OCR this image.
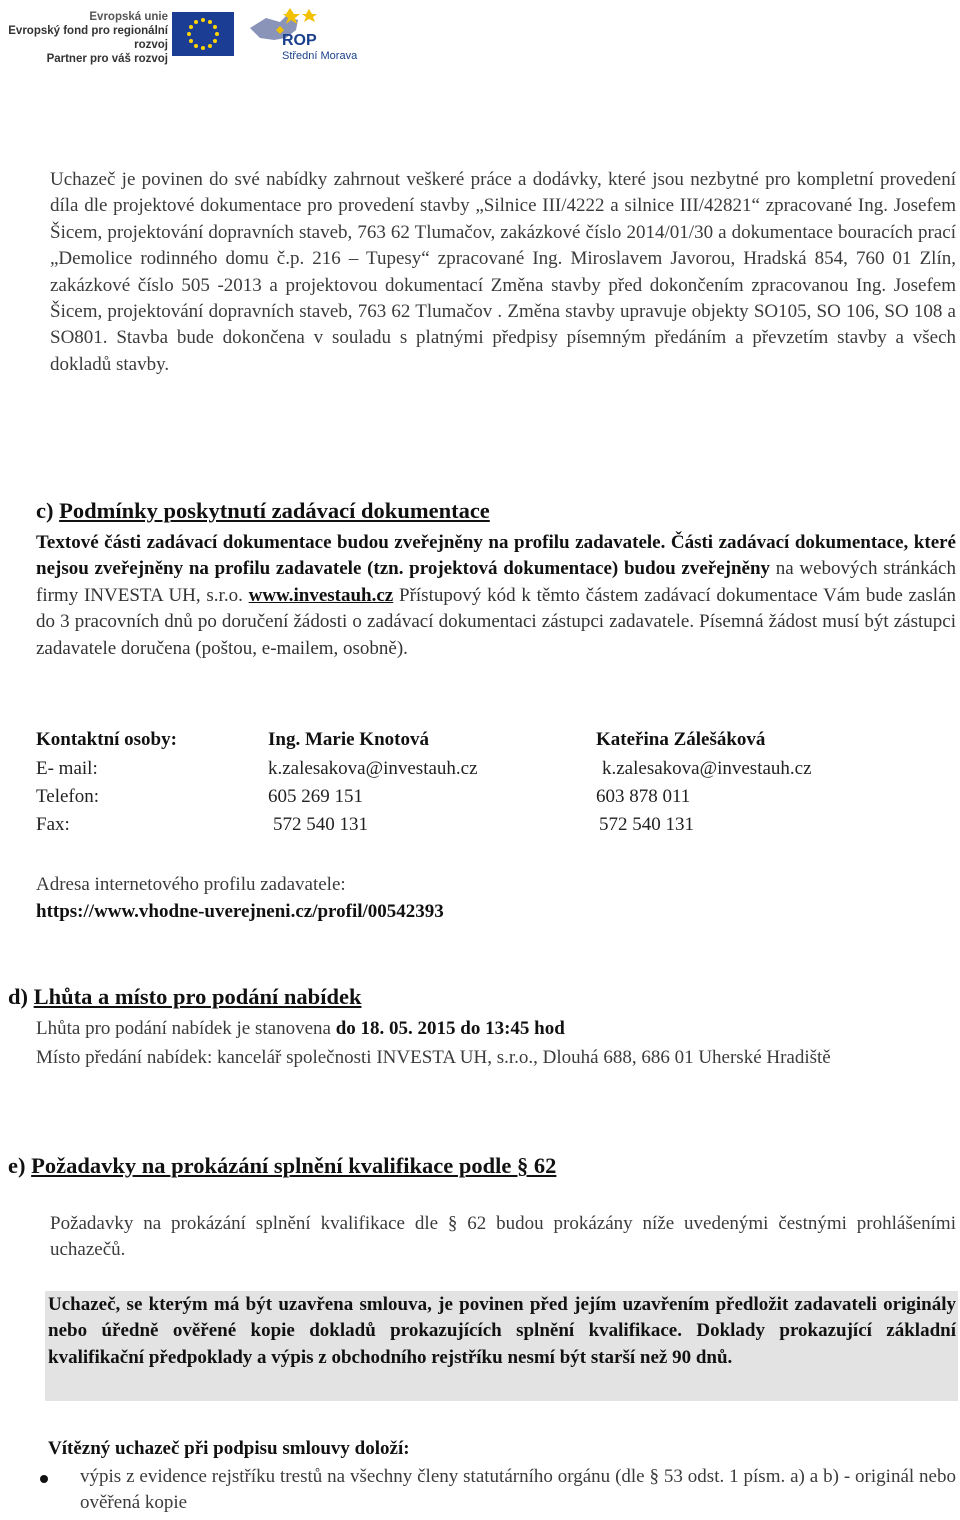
Evropská unie
Evropský fond pro regionální rozvoj
Partner pro váš rozvoj
ROP
Střední Morava
Uchazeč je povinen do své nabídky zahrnout veškeré práce a dodávky, které jsou nezbytné pro kompletní provedení díla dle projektové dokumentace pro provedení stavby „Silnice III/4222 a silnice III/42821“ zpracované Ing. Josefem Šicem, projektování dopravních staveb, 763 62 Tlumačov, zakázkové číslo 2014/01/30 a dokumentace bouracích prací „Demolice rodinného domu č.p. 216 – Tupesy“ zpracované Ing. Miroslavem Javorou, Hradská 854, 760 01 Zlín, zakázkové číslo 505 -2013 a projektovou dokumentací Změna stavby před dokončením zpracovanou Ing. Josefem Šicem, projektování dopravních staveb, 763 62 Tlumačov . Změna stavby upravuje objekty SO105, SO 106, SO 108 a SO801. Stavba bude dokončena v souladu s platnými předpisy písemným předáním a převzetím stavby a všech dokladů stavby.
c) Podmínky poskytnutí zadávací dokumentace
Textové části zadávací dokumentace budou zveřejněny na profilu zadavatele. Části zadávací dokumentace, které nejsou zveřejněny na profilu zadavatele (tzn. projektová dokumentace) budou zveřejněny na webových stránkách firmy INVESTA UH, s.r.o. www.investauh.cz Přístupový kód k těmto částem zadávací dokumentace Vám bude zaslán do 3 pracovních dnů po doručení žádosti o zadávací dokumentaci zástupci zadavatele. Písemná žádost musí být zástupci zadavatele doručena (poštou, e-mailem, osobně).
Kontaktní osoby:	Ing. Marie Knotová	Kateřina Zálešáková
E- mail:	k.zalesakova@investauh.cz	k.zalesakova@investauh.cz
Telefon:	605 269 151	603 878 011
Fax:	572 540 131	572 540 131
Adresa internetového profilu zadavatele:
https://www.vhodne-uverejneni.cz/profil/00542393
d) Lhůta a místo pro podání nabídek
Lhůta pro podání nabídek je stanovena do 18. 05. 2015 do 13:45 hod
Místo předání nabídek: kancelář společnosti INVESTA UH, s.r.o., Dlouhá 688, 686 01 Uherské Hradiště
e) Požadavky na prokázání splnění kvalifikace podle § 62
Požadavky na prokázání splnění kvalifikace dle § 62 budou prokázány níže uvedenými čestnými prohlášeními uchazečů.
Uchazeč, se kterým má být uzavřena smlouva, je povinen před jejím uzavřením předložit zadavateli originály nebo úředně ověřené kopie dokladů prokazujících splnění kvalifikace. Doklady prokazující základní kvalifikační předpoklady a výpis z obchodního rejstříku nesmí být starší než 90 dnů.
Vítězný uchazeč při podpisu smlouvy doloží:
výpis z evidence rejstříku trestů na všechny členy statutárního orgánu (dle § 53 odst. 1 písm. a) a b) - originál nebo ověřená kopie
